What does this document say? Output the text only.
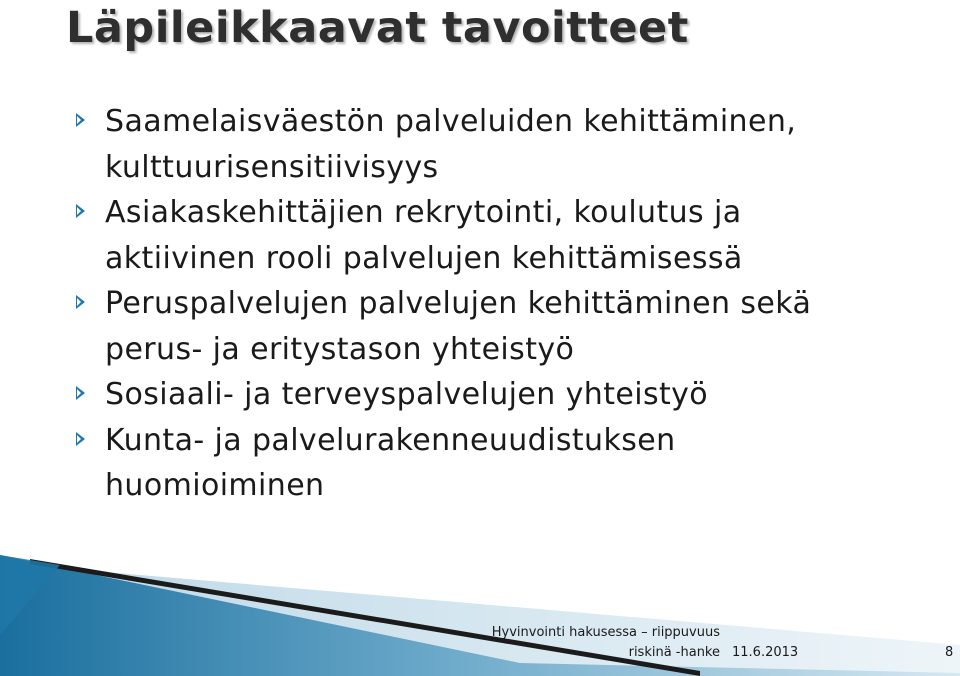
Läpileikkaavat tavoitteet
Saamelaisväestön palveluiden kehittäminen,
kulttuurisensitiivisyys
Asiakaskehittäjien rekrytointi, koulutus ja
aktiivinen rooli palvelujen kehittämisessä
Peruspalvelujen palvelujen kehittäminen sekä
perus- ja eritystason yhteistyö
Sosiaali- ja terveyspalvelujen yhteistyö
Kunta- ja palvelurakenneuudistuksen
huomioiminen
Hyvinvointi hakusessa – riippuvuus
riskinä -hanke 11.6.2013	8
